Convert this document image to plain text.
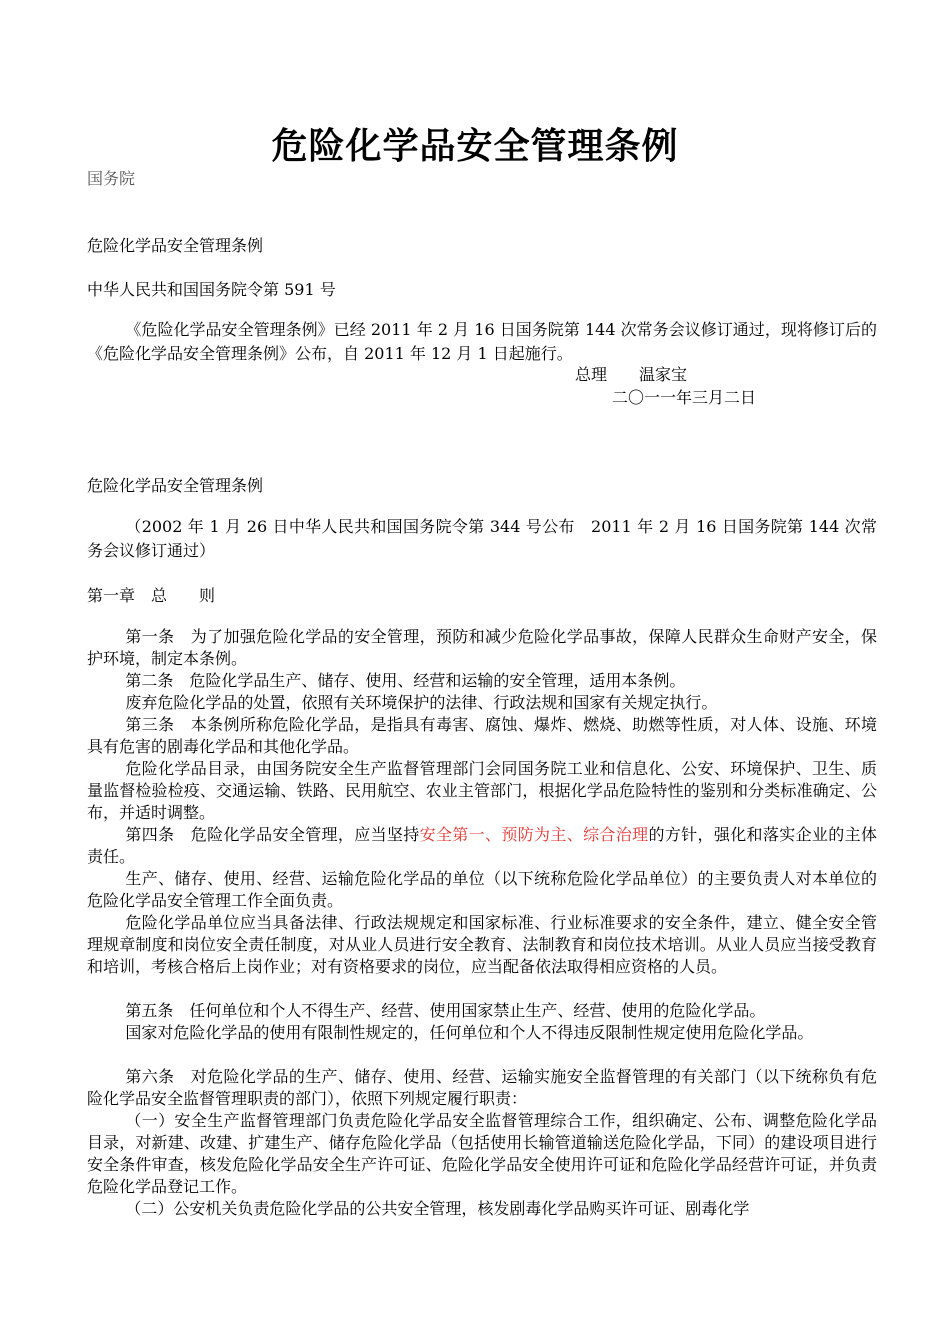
危险化学品安全管理条例
国务院
危险化学品安全管理条例
中华人民共和国国务院令第 591 号
《危险化学品安全管理条例》已经 2011 年 2 月 16 日国务院第 144 次常务会议修订通过，现将修订后的《危险化学品安全管理条例》公布，自 2011 年 12 月 1 日起施行。
总理　　温家宝
二〇一一年三月二日
危险化学品安全管理条例
（2002 年 1 月 26 日中华人民共和国国务院令第 344 号公布　2011 年 2 月 16 日国务院第 144 次常务会议修订通过）
第一章　总　　则
第一条　为了加强危险化学品的安全管理，预防和减少危险化学品事故，保障人民群众生命财产安全，保护环境，制定本条例。
第二条　危险化学品生产、储存、使用、经营和运输的安全管理，适用本条例。
废弃危险化学品的处置，依照有关环境保护的法律、行政法规和国家有关规定执行。
第三条　本条例所称危险化学品，是指具有毒害、腐蚀、爆炸、燃烧、助燃等性质，对人体、设施、环境具有危害的剧毒化学品和其他化学品。
危险化学品目录，由国务院安全生产监督管理部门会同国务院工业和信息化、公安、环境保护、卫生、质量监督检验检疫、交通运输、铁路、民用航空、农业主管部门，根据化学品危险特性的鉴别和分类标准确定、公布，并适时调整。
第四条　危险化学品安全管理，应当坚持安全第一、预防为主、综合治理的方针，强化和落实企业的主体责任。
生产、储存、使用、经营、运输危险化学品的单位（以下统称危险化学品单位）的主要负责人对本单位的危险化学品安全管理工作全面负责。
危险化学品单位应当具备法律、行政法规规定和国家标准、行业标准要求的安全条件，建立、健全安全管理规章制度和岗位安全责任制度，对从业人员进行安全教育、法制教育和岗位技术培训。从业人员应当接受教育和培训，考核合格后上岗作业；对有资格要求的岗位，应当配备依法取得相应资格的人员。
第五条　任何单位和个人不得生产、经营、使用国家禁止生产、经营、使用的危险化学品。
国家对危险化学品的使用有限制性规定的，任何单位和个人不得违反限制性规定使用危险化学品。
第六条　对危险化学品的生产、储存、使用、经营、运输实施安全监督管理的有关部门（以下统称负有危险化学品安全监督管理职责的部门），依照下列规定履行职责：
（一）安全生产监督管理部门负责危险化学品安全监督管理综合工作，组织确定、公布、调整危险化学品目录，对新建、改建、扩建生产、储存危险化学品（包括使用长输管道输送危险化学品，下同）的建设项目进行安全条件审查，核发危险化学品安全生产许可证、危险化学品安全使用许可证和危险化学品经营许可证，并负责危险化学品登记工作。
（二）公安机关负责危险化学品的公共安全管理，核发剧毒化学品购买许可证、剧毒化学
